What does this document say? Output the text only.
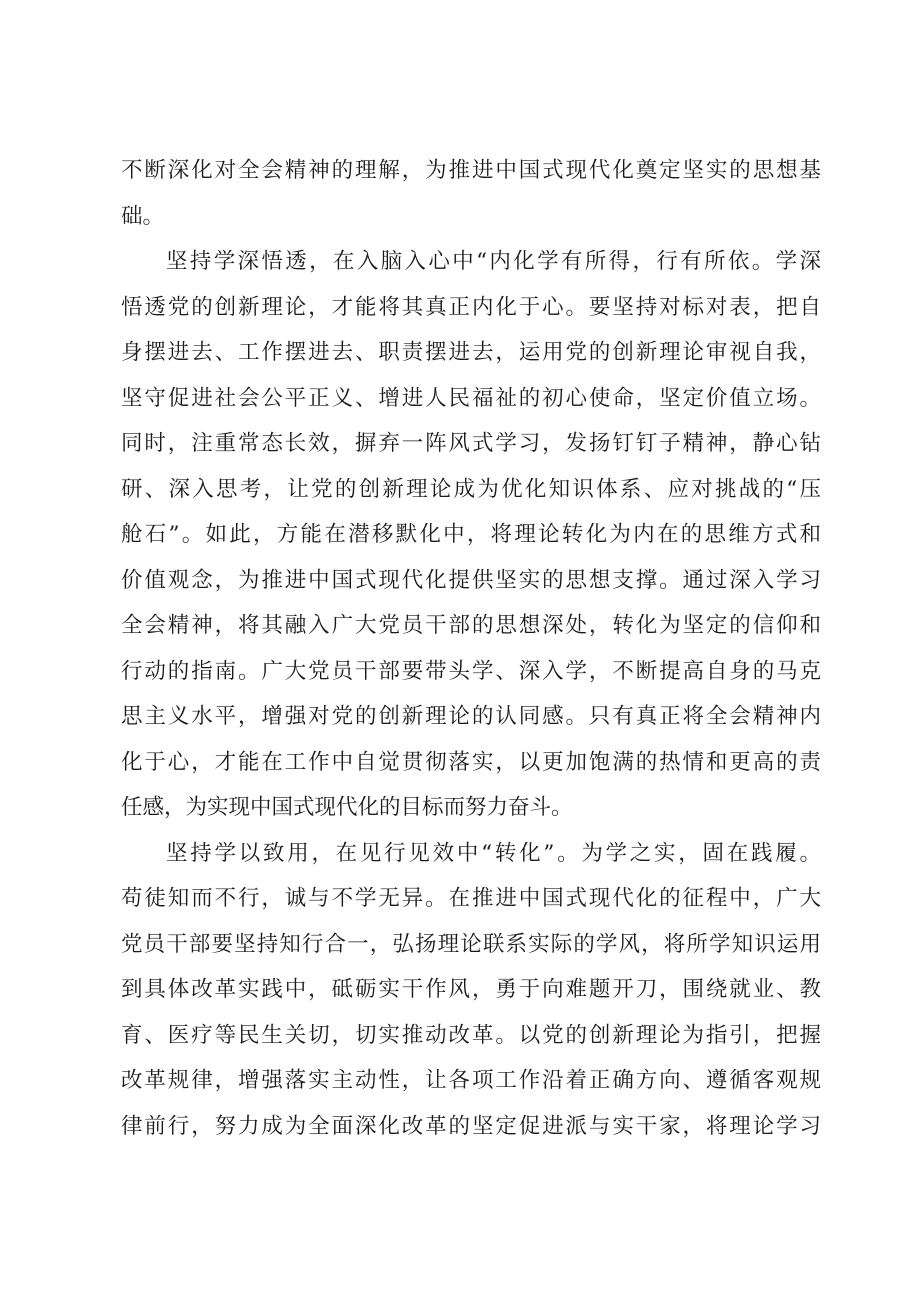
不断深化对全会精神的理解，为推进中国式现代化奠定坚实的思想基
础。
坚持学深悟透，在入脑入心中“内化学有所得，行有所依。学深
悟透党的创新理论，才能将其真正内化于心。要坚持对标对表，把自
身摆进去、工作摆进去、职责摆进去，运用党的创新理论审视自我，
坚守促进社会公平正义、增进人民福祉的初心使命，坚定价值立场。
同时，注重常态长效，摒弃一阵风式学习，发扬钉钉子精神，静心钻
研、深入思考，让党的创新理论成为优化知识体系、应对挑战的“压
舱石”。如此，方能在潜移默化中，将理论转化为内在的思维方式和
价值观念，为推进中国式现代化提供坚实的思想支撑。通过深入学习
全会精神，将其融入广大党员干部的思想深处，转化为坚定的信仰和
行动的指南。广大党员干部要带头学、深入学，不断提高自身的马克
思主义水平，增强对党的创新理论的认同感。只有真正将全会精神内
化于心，才能在工作中自觉贯彻落实，以更加饱满的热情和更高的责
任感，为实现中国式现代化的目标而努力奋斗。
坚持学以致用，在见行见效中“转化”。为学之实，固在践履。
苟徒知而不行，诚与不学无异。在推进中国式现代化的征程中，广大
党员干部要坚持知行合一，弘扬理论联系实际的学风，将所学知识运用
到具体改革实践中，砥砺实干作风，勇于向难题开刀，围绕就业、教
育、医疗等民生关切，切实推动改革。以党的创新理论为指引，把握
改革规律，增强落实主动性，让各项工作沿着正确方向、遵循客观规
律前行，努力成为全面深化改革的坚定促进派与实干家，将理论学习
